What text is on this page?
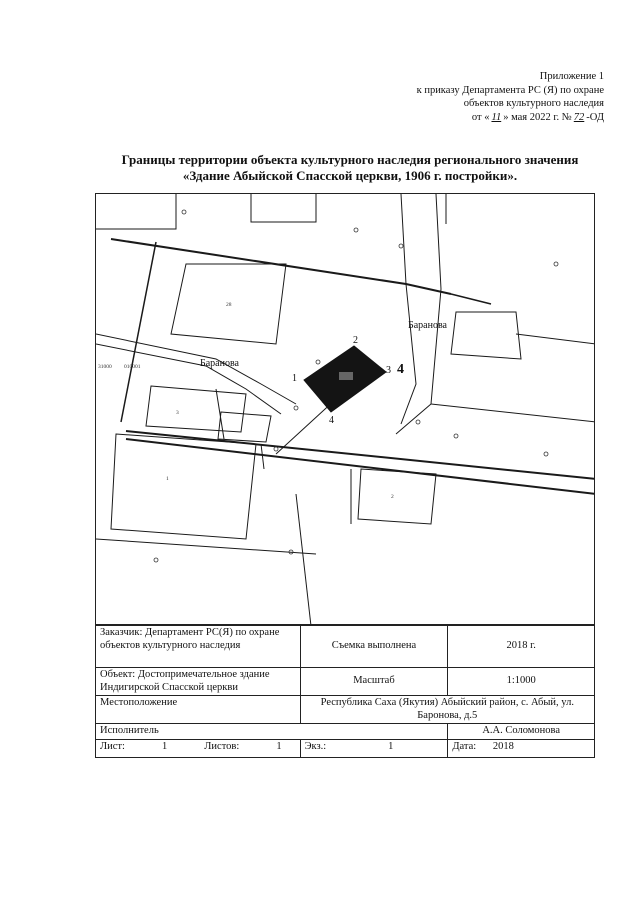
Приложение 1
к приказу Департамента РС (Я) по охране
объектов культурного наследия
от « 11 » мая 2022 г. № 72 -ОД
Границы территории объекта культурного наследия регионального значения
«Здание Абыйской Спасской церкви, 1906 г. постройки».
Баранова
Баранова
31000 010001
1
2
3
4
4
28
3
1
2
Заказчик: Департамент РС(Я) по охране объектов культурного наследия	Съемка выполнена	2018 г.
Объект: Достопримечательное здание Индигирской Спасской церкви	Масштаб	1:1000
Местоположение	Республика Саха (Якутия) Абыйский район, с. Абый, ул. Баронова, д.5	
Исполнитель		А.А. Соломонова

Лист: 1 Листов: 1	Экз.: 1	Дата: 2018
